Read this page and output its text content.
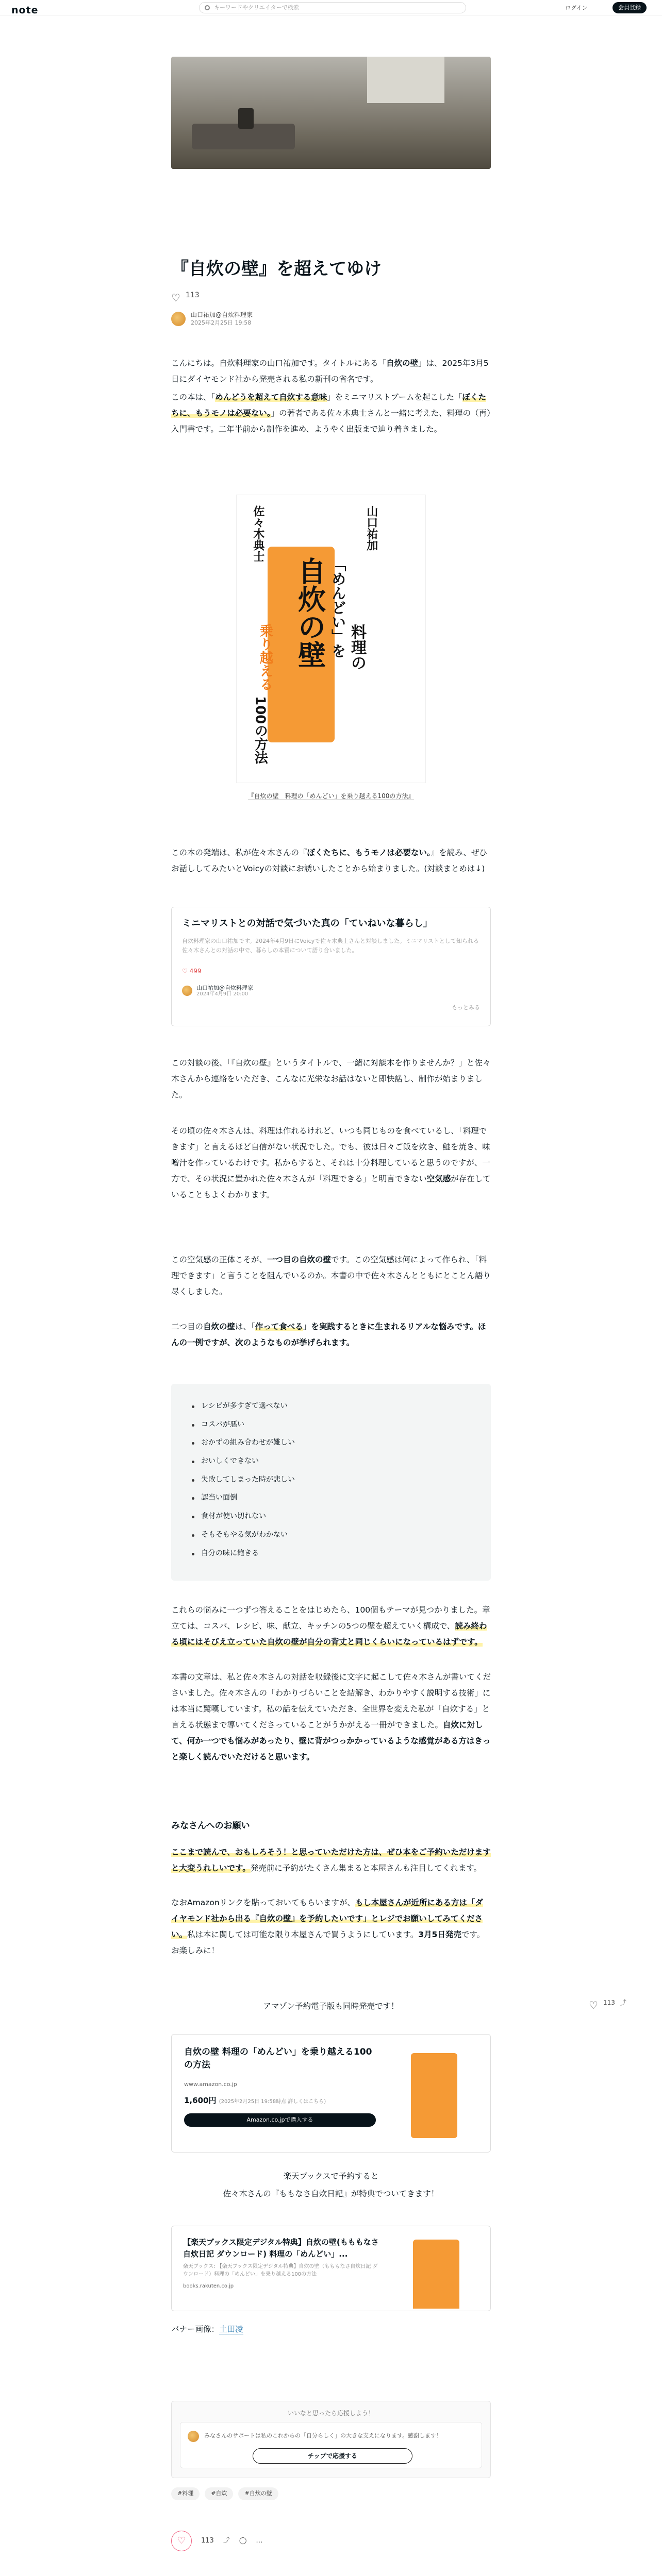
note	キーワードやクリエイターで検索	ログイン	会員登録
『自炊の壁』を超えてゆけ
♡
113
山口祐加@自炊料理家
2025年2月25日 19:58

こんにちは。自炊料理家の山口祐加です。タイトルにある「自炊の壁」は、2025年3月5日にダイヤモンド社から発売される私の新刊の省名です。

この本は、「めんどうを超えて自炊する意味」をミニマリストブームを起こした「ぼくたちに、もうモノは必要ない。」の著者である佐々木典士さんと一緒に考えた、料理の（再）入門書です。二年半前から制作を進め、ようやく出版まで辿り着きました。

山口祐加
佐々木典士
料理の
自炊の壁 「めんどい」を
乗り越える
100の方法
『自炊の壁　料理の「めんどい」を乗り越える100の方法』

この本の発端は、私が佐々木さんの『ぼくたちに、もうモノは必要ない。』を読み、ぜひお話ししてみたいとVoicyの対談にお誘いしたことから始まりました。(対談まとめは↓)

ミニマリストとの対話で気づいた真の「ていねいな暮らし」
自炊料理家の山口祐加です。2024年4月9日にVoicyで佐々木典士さんと対談しました。ミニマリストとして知られる佐々木さんとの対話の中で、暮らしの本質について語り合いました。
♡ 499
山口祐加@自炊料理家
2024年4月9日 20:00
もっとみる

この対談の後、「『自炊の壁』というタイトルで、一緒に対談本を作りませんか？」と佐々木さんから連絡をいただき、こんなに光栄なお話はないと即快諾し、制作が始まりました。

その頃の佐々木さんは、料理は作れるけれど、いつも同じものを食べているし、「料理できます」と言えるほど自信がない状況でした。でも、彼は日々ご飯を炊き、鮭を焼き、味噌汁を作っているわけです。私からすると、それは十分料理していると思うのですが、一方で、その状況に置かれた佐々木さんが「料理できる」と明言できない空気感が存在していることもよくわかります。

この空気感の正体こそが、一つ目の自炊の壁です。この空気感は何によって作られ、「料理できます」と言うことを阻んでいるのか。本書の中で佐々木さんとともにとことん語り尽くしました。

二つ目の自炊の壁は、「作って食べる」を実践するときに生まれるリアルな悩みです。ほんの一例ですが、次のようなものが挙げられます。

レシピが多すぎて選べない
コスパが悪い
おかずの組み合わせが難しい
おいしくできない
失敗してしまった時が悲しい
認当い面倒
食材が使い切れない
そもそもやる気がわかない
自分の味に飽きる

これらの悩みに一つずつ答えることをはじめたら、100個もテーマが見つかりました。章立ては、コスパ、レシピ、味、献立、キッチンの5つの壁を超えていく構成で、読み終わる頃にはそびえ立っていた自炊の壁が自分の背丈と同じくらいになっているはずです。

本書の文章は、私と佐々木さんの対話を収録後に文字に起こして佐々木さんが書いてくださいました。佐々木さんの「わかりづらいことを結解き、わかりやすく説明する技術」には本当に驚嘆しています。私の話を伝えていただき、全世界を変えた私が「自炊する」と言える状態まで導いてくださっていることがうかがえる一冊ができました。自炊に対して、何か一つでも悩みがあったり、壁に背がつっかかっているような感覚がある方はきっと楽しく読んでいただけると思います。

みなさんへのお願い

ここまで読んで、おもしろそう！と思っていただけた方は、ぜひ本をご予約いただけますと大変うれしいです。発売前に予約がたくさん集まると本屋さんも注目してくれます。

なおAmazonリンクを貼っておいてもらいますが、もし本屋さんが近所にある方は「ダイヤモンド社から出る『自炊の壁』を予約したいです」とレジでお願いしてみてください。私は本に関しては可能な限り本屋さんで買うようにしています。3月5日発売です。お楽しみに！

アマゾン予約電子版も同時発売です！
♡	113 ⤴
自炊の壁 料理の「めんどい」を乗り越える100の方法
www.amazon.co.jp
1,600円 (2025年2月25日 19:58時点 詳しくはこちら)
Amazon.co.jpで購入する
楽天ブックスで予約すると
佐々木さんの『ももなさ自炊日記』が特典でついてきます！
【楽天ブックス限定デジタル特典】自炊の壁(もももなさ自炊日記 ダウンロード) 料理の「めんどい」...
楽天ブックス: 【楽天ブックス限定デジタル特典】自炊の壁（もももなさ自炊日記 ダウンロード）料理の「めんどい」を乗り越える100の方法
books.rakuten.co.jp

バナー画像：土田凌

いいなと思ったら応援しよう！
みなさんのサポートは私のこれからの「自分らしく」の大きな支えになります。感謝します！
チップで応援する
#料理	#自炊	#自炊の壁
♡	113 ⤴ ◯ …
